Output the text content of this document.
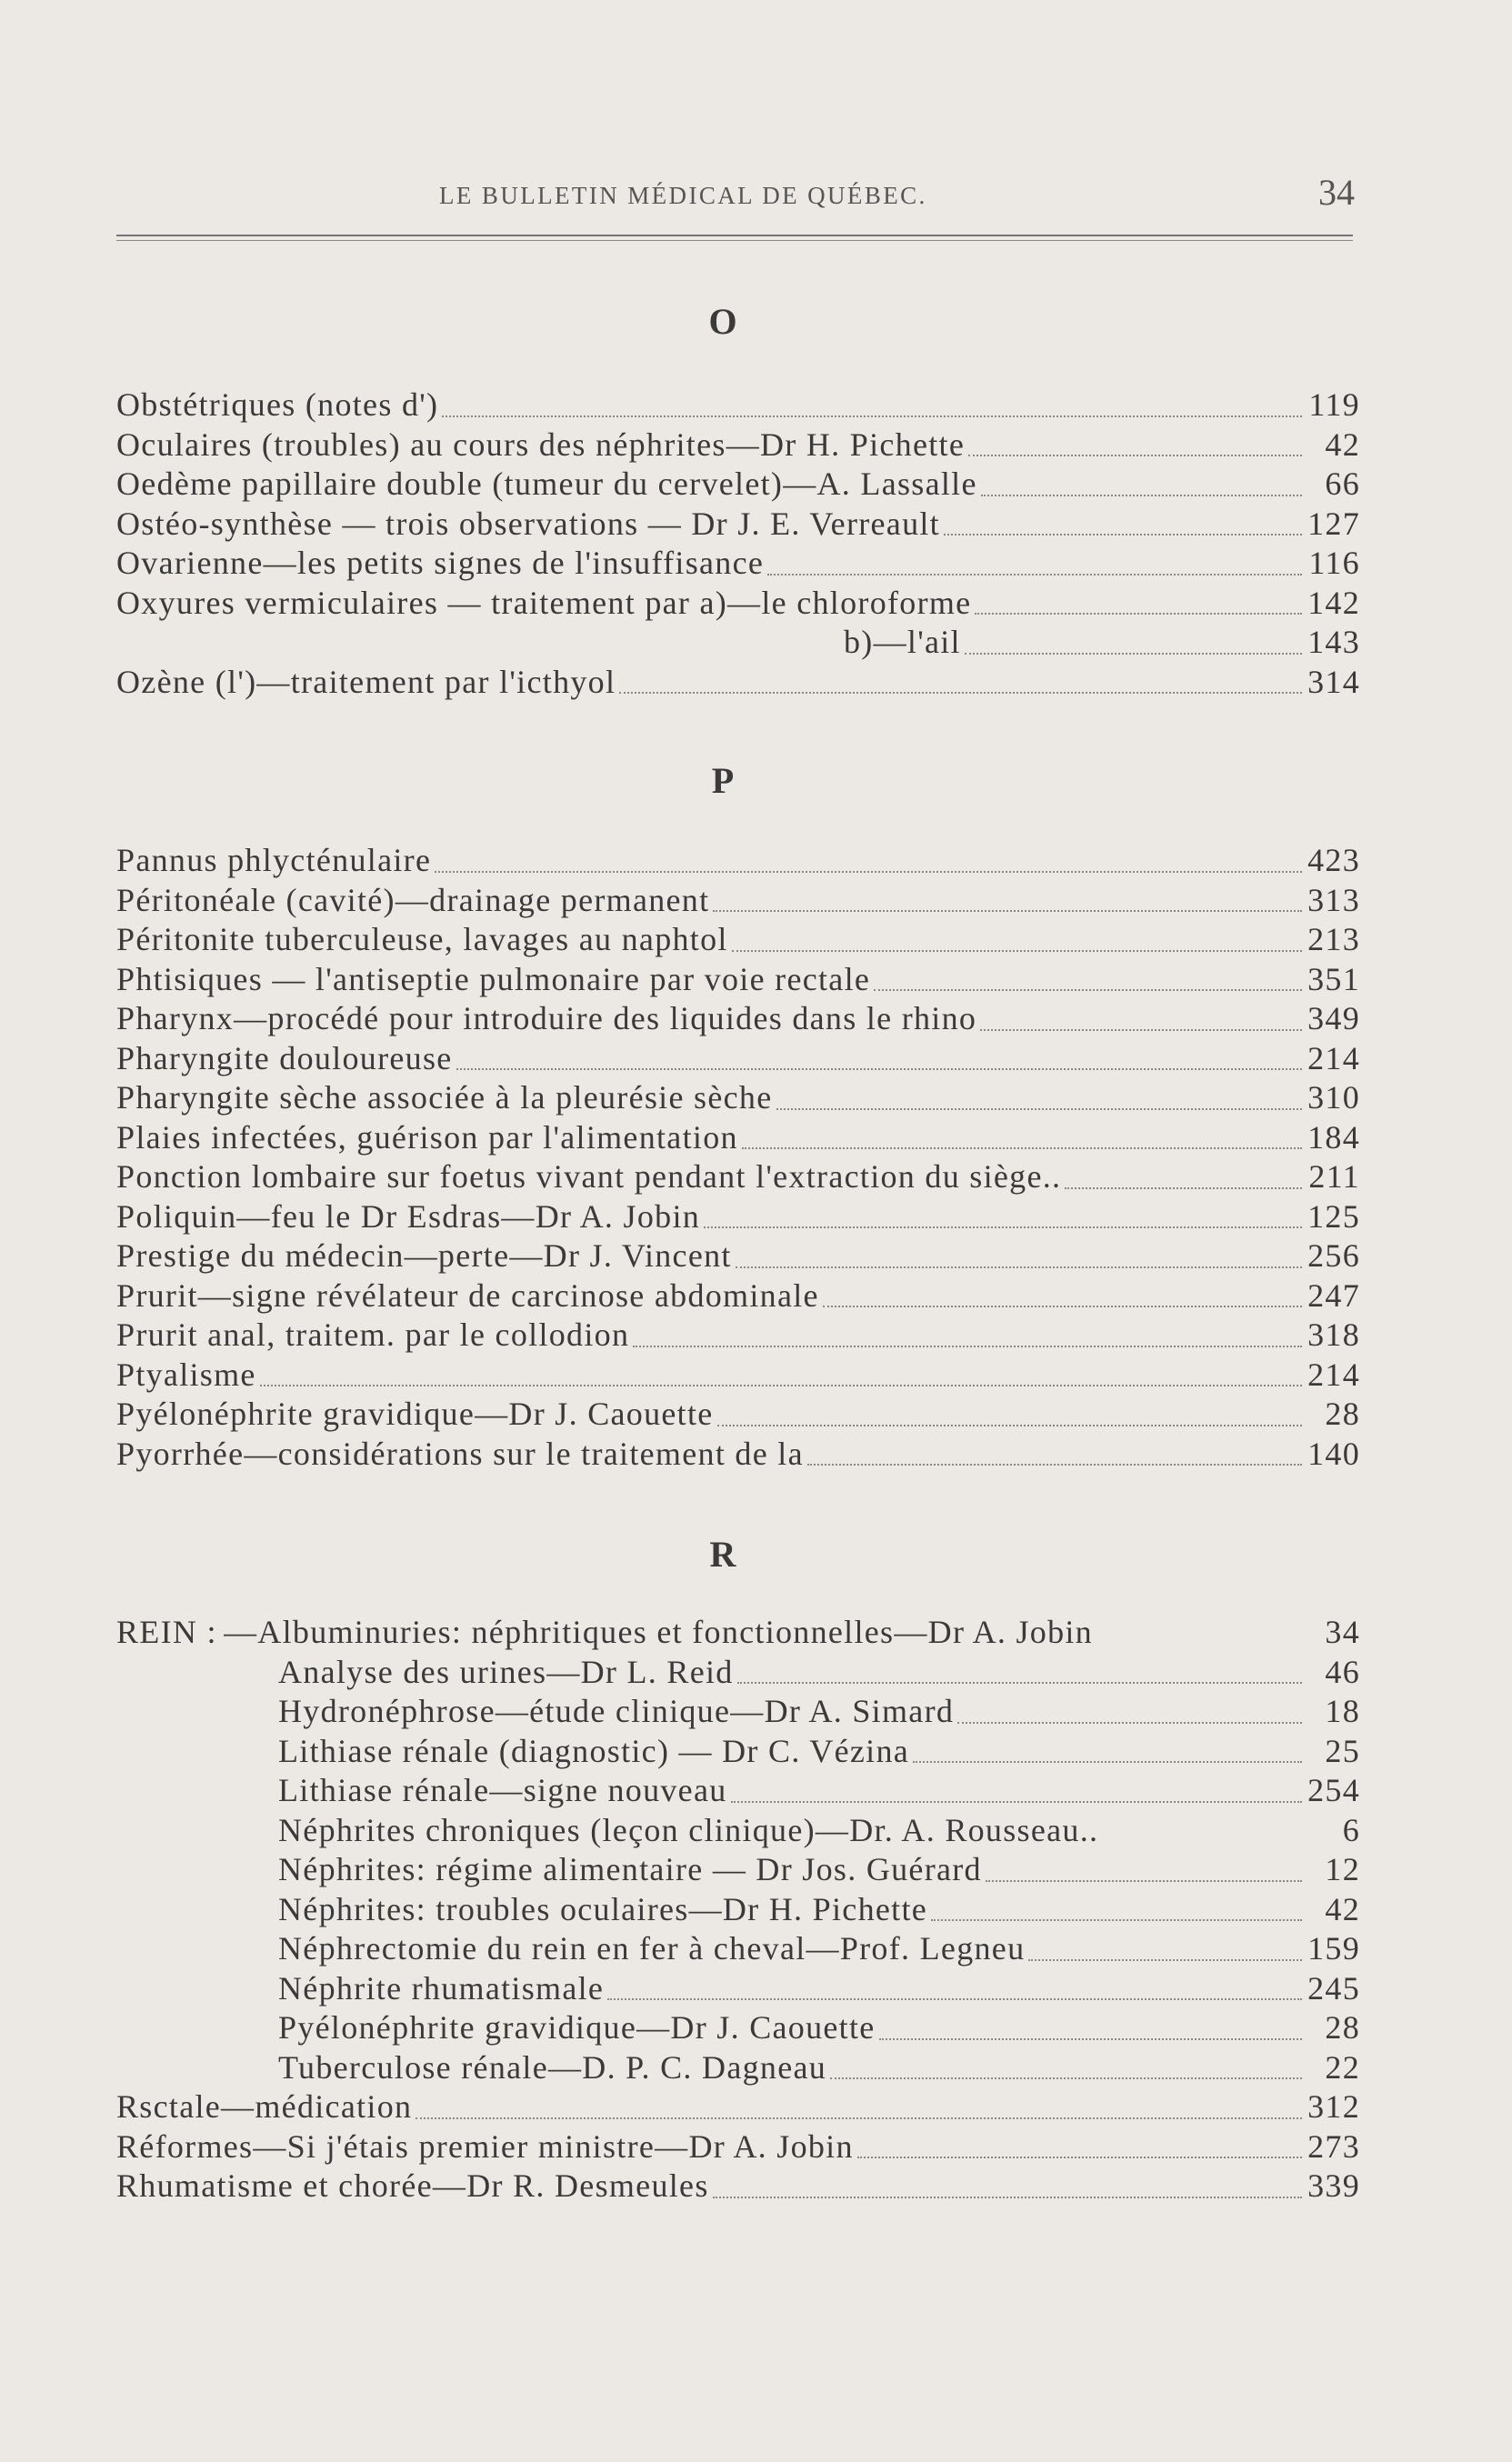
LE BULLETIN MÉDICAL DE QUÉBEC.	34
O
Obstétriques (notes d')	119
Oculaires (troubles) au cours des néphrites—Dr H. Pichette	42
Oedème papillaire double (tumeur du cervelet)—A. Lassalle	66
Ostéo-synthèse — trois observations — Dr J. E. Verreault	127
Ovarienne—les petits signes de l'insuffisance	116
Oxyures vermiculaires — traitement par a)—le chloroforme	142
b)—l'ail	143
Ozène (l')—traitement par l'icthyol	314
P
Pannus phlycténulaire	423
Péritonéale (cavité)—drainage permanent	313
Péritonite tuberculeuse, lavages au naphtol	213
Phtisiques — l'antiseptie pulmonaire par voie rectale	351
Pharynx—procédé pour introduire des liquides dans le rhino	349
Pharyngite douloureuse	214
Pharyngite sèche associée à la pleurésie sèche	310
Plaies infectées, guérison par l'alimentation	184
Ponction lombaire sur foetus vivant pendant l'extraction du siège..	211
Poliquin—feu le Dr Esdras—Dr A. Jobin	125
Prestige du médecin—perte—Dr J. Vincent	256
Prurit—signe révélateur de carcinose abdominale	247
Prurit anal, traitem. par le collodion	318
Ptyalisme	214
Pyélonéphrite gravidique—Dr J. Caouette	28
Pyorrhée—considérations sur le traitement de la	140
R
REIN : —Albuminuries: néphritiques et fonctionnelles—Dr A. Jobin	34
Analyse des urines—Dr L. Reid	46
Hydronéphrose—étude clinique—Dr A. Simard	18
Lithiase rénale (diagnostic) — Dr C. Vézina	25
Lithiase rénale—signe nouveau	254
Néphrites chroniques (leçon clinique)—Dr. A. Rousseau..	6
Néphrites: régime alimentaire — Dr Jos. Guérard	12
Néphrites: troubles oculaires—Dr H. Pichette	42
Néphrectomie du rein en fer à cheval—Prof. Legneu	159
Néphrite rhumatismale	245
Pyélonéphrite gravidique—Dr J. Caouette	28
Tuberculose rénale—D. P. C. Dagneau	22
Rsctale—médication	312
Réformes—Si j'étais premier ministre—Dr A. Jobin	273
Rhumatisme et chorée—Dr R. Desmeules	339
